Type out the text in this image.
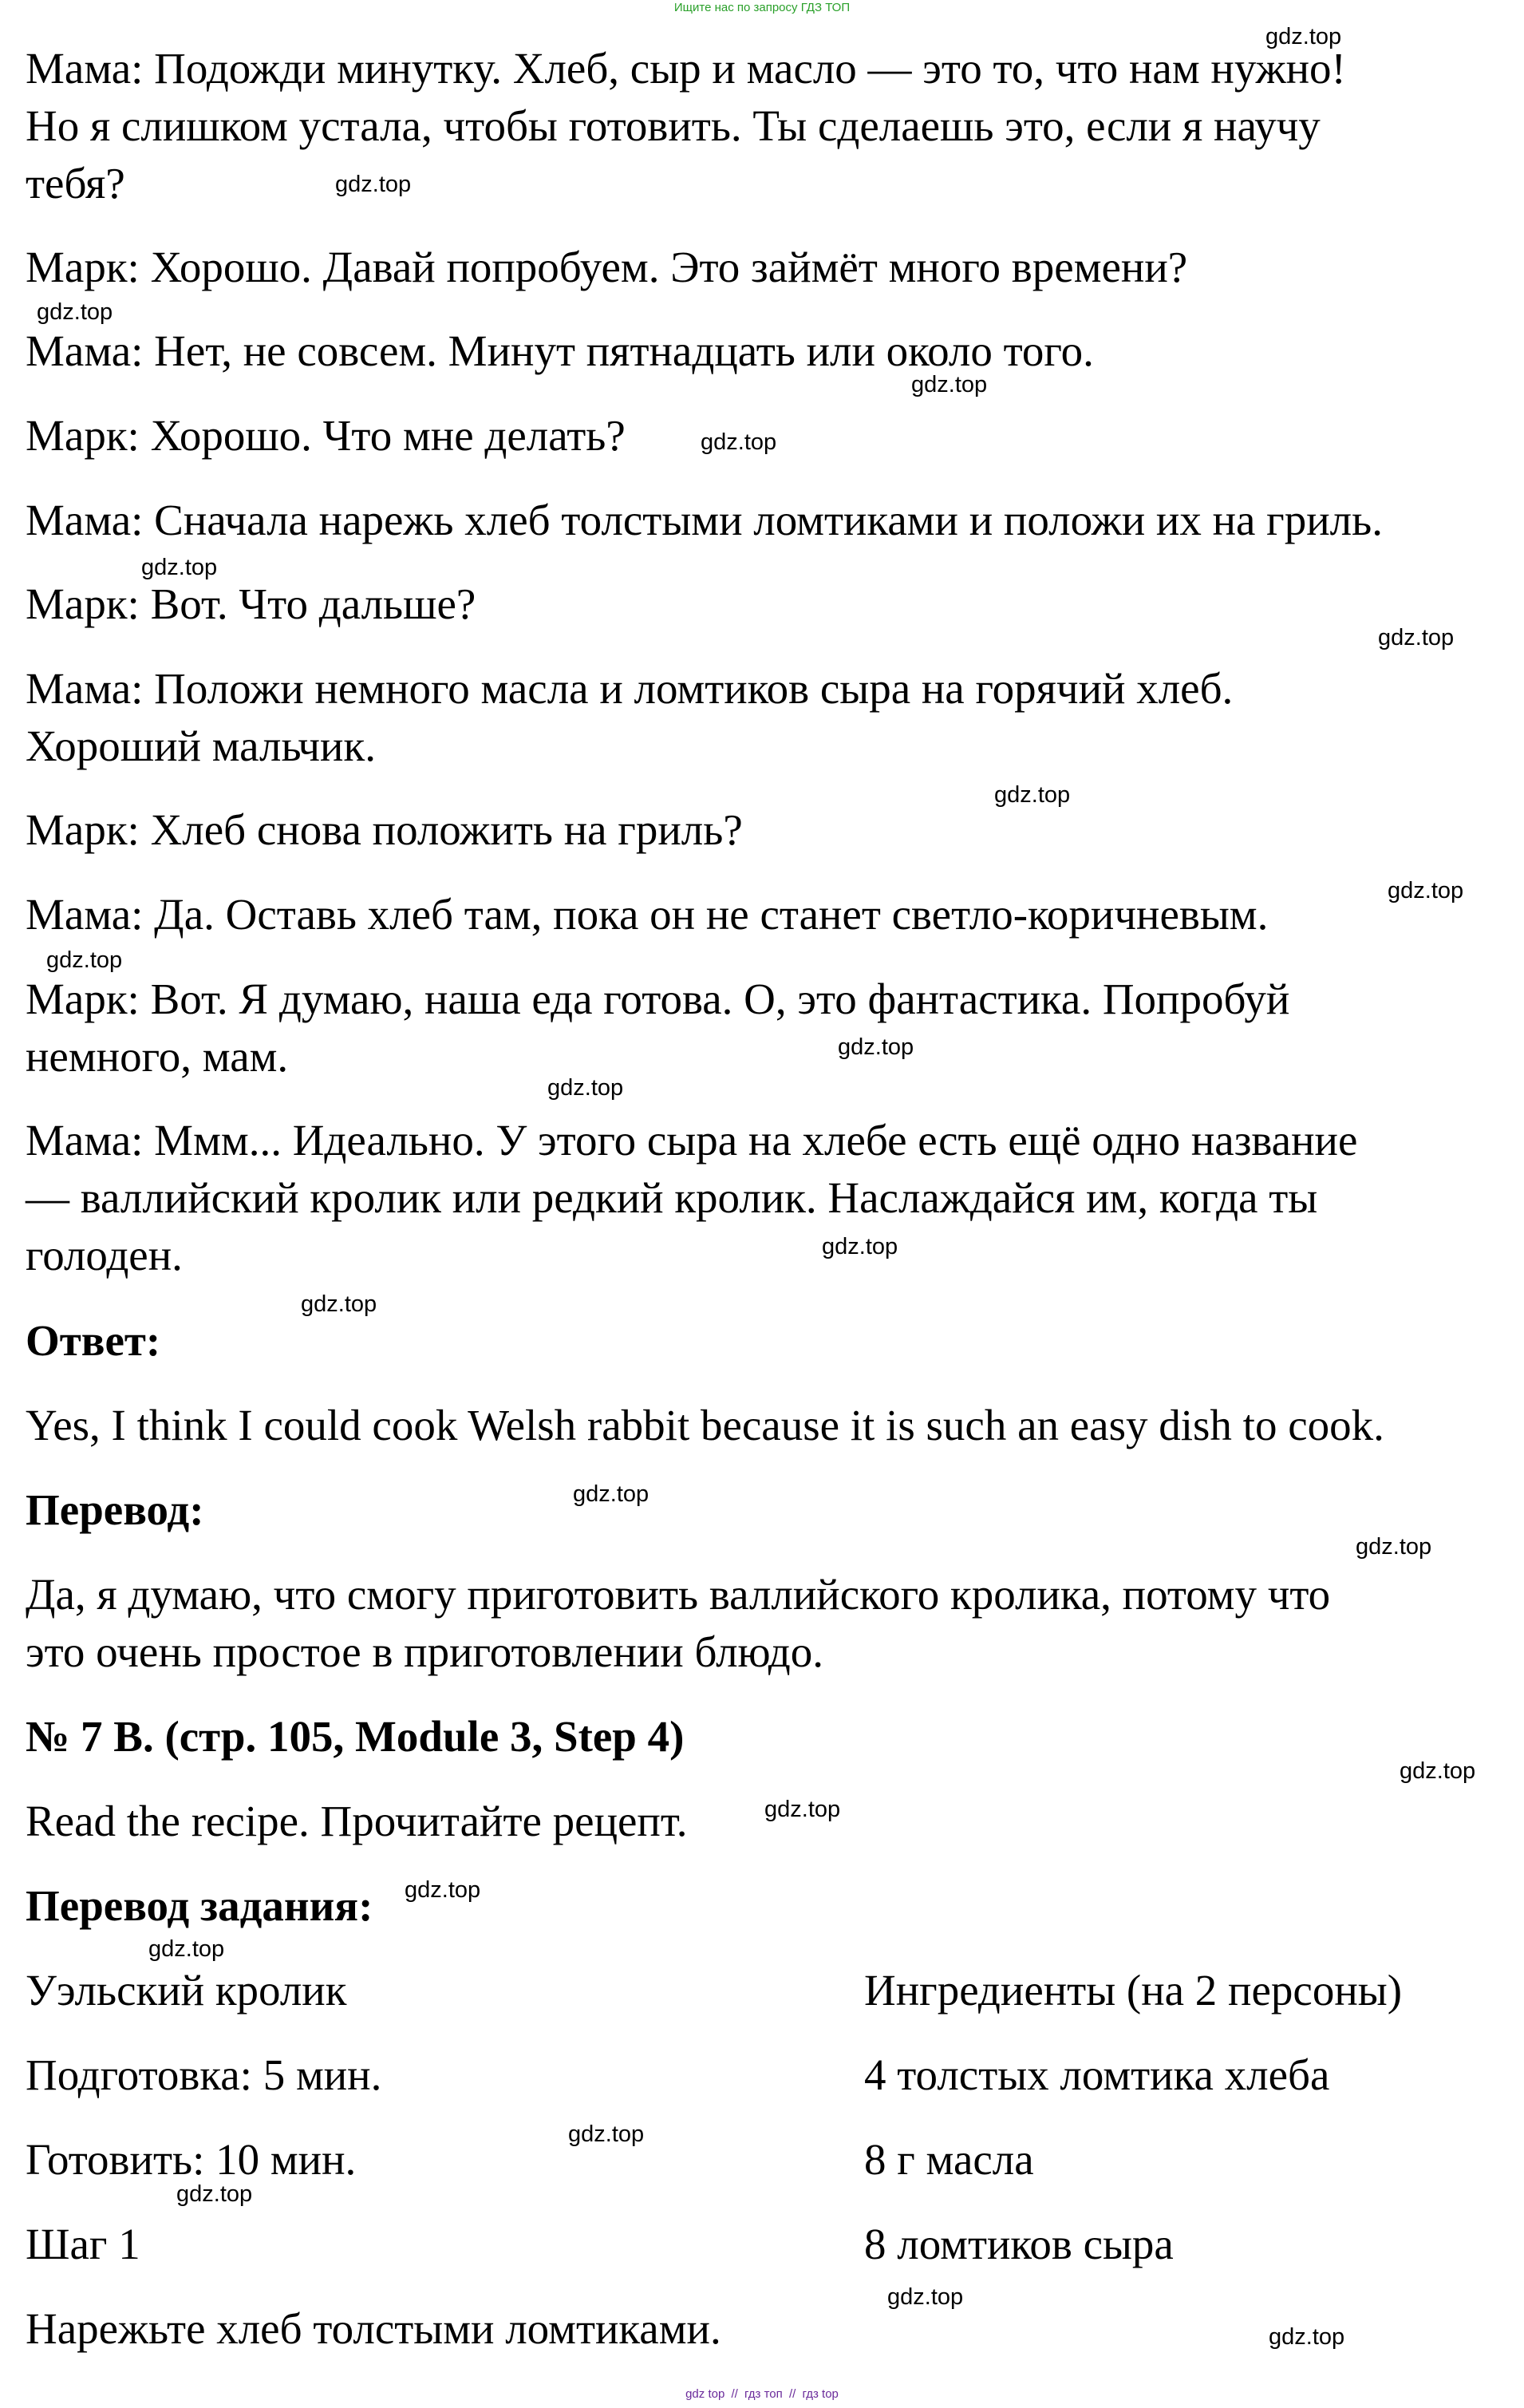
Ищите нас по запросу ГДЗ ТОП

Мама: Подожди минутку. Хлеб, сыр и масло — это то, что нам нужно!

Но я слишком устала, чтобы готовить. Ты сделаешь это, если я научу

тебя?

Марк: Хорошо. Давай попробуем. Это займёт много времени?

Мама: Нет, не совсем. Минут пятнадцать или около того.

Марк: Хорошо. Что мне делать?

Мама: Сначала нарежь хлеб толстыми ломтиками и положи их на гриль.

Марк: Вот. Что дальше?

Мама: Положи немного масла и ломтиков сыра на горячий хлеб.

Хороший мальчик.

Марк: Хлеб снова положить на гриль?

Мама: Да. Оставь хлеб там, пока он не станет светло-коричневым.

Марк: Вот. Я думаю, наша еда готова. О, это фантастика. Попробуй

немного, мам.

Мама: Ммм... Идеально. У этого сыра на хлебе есть ещё одно название

— валлийский кролик или редкий кролик. Наслаждайся им, когда ты

голоден.

Ответ:

Yes, I think I could cook Welsh rabbit because it is such an easy dish to cook.

Перевод:

Да, я думаю, что смогу приготовить валлийского кролика, потому что

это очень простое в приготовлении блюдо.

№ 7 B. (стр. 105, Module 3, Step 4)

Read the recipe. Прочитайте рецепт.

Перевод задания:

Уэльский кролик

Подготовка: 5 мин.

Готовить: 10 мин.

Шаг 1

Нарежьте хлеб толстыми ломтиками.

Ингредиенты (на 2 персоны)

4 толстых ломтика хлеба

8 г масла

8 ломтиков сыра

gdz.top
gdz.top
gdz.top
gdz.top
gdz.top
gdz.top
gdz.top
gdz.top
gdz.top
gdz.top
gdz.top
gdz.top
gdz.top
gdz.top
gdz.top
gdz.top
gdz.top
gdz.top
gdz.top
gdz.top
gdz.top
gdz.top
gdz.top
gdz.top
gdz top // гдз топ // гдз top
